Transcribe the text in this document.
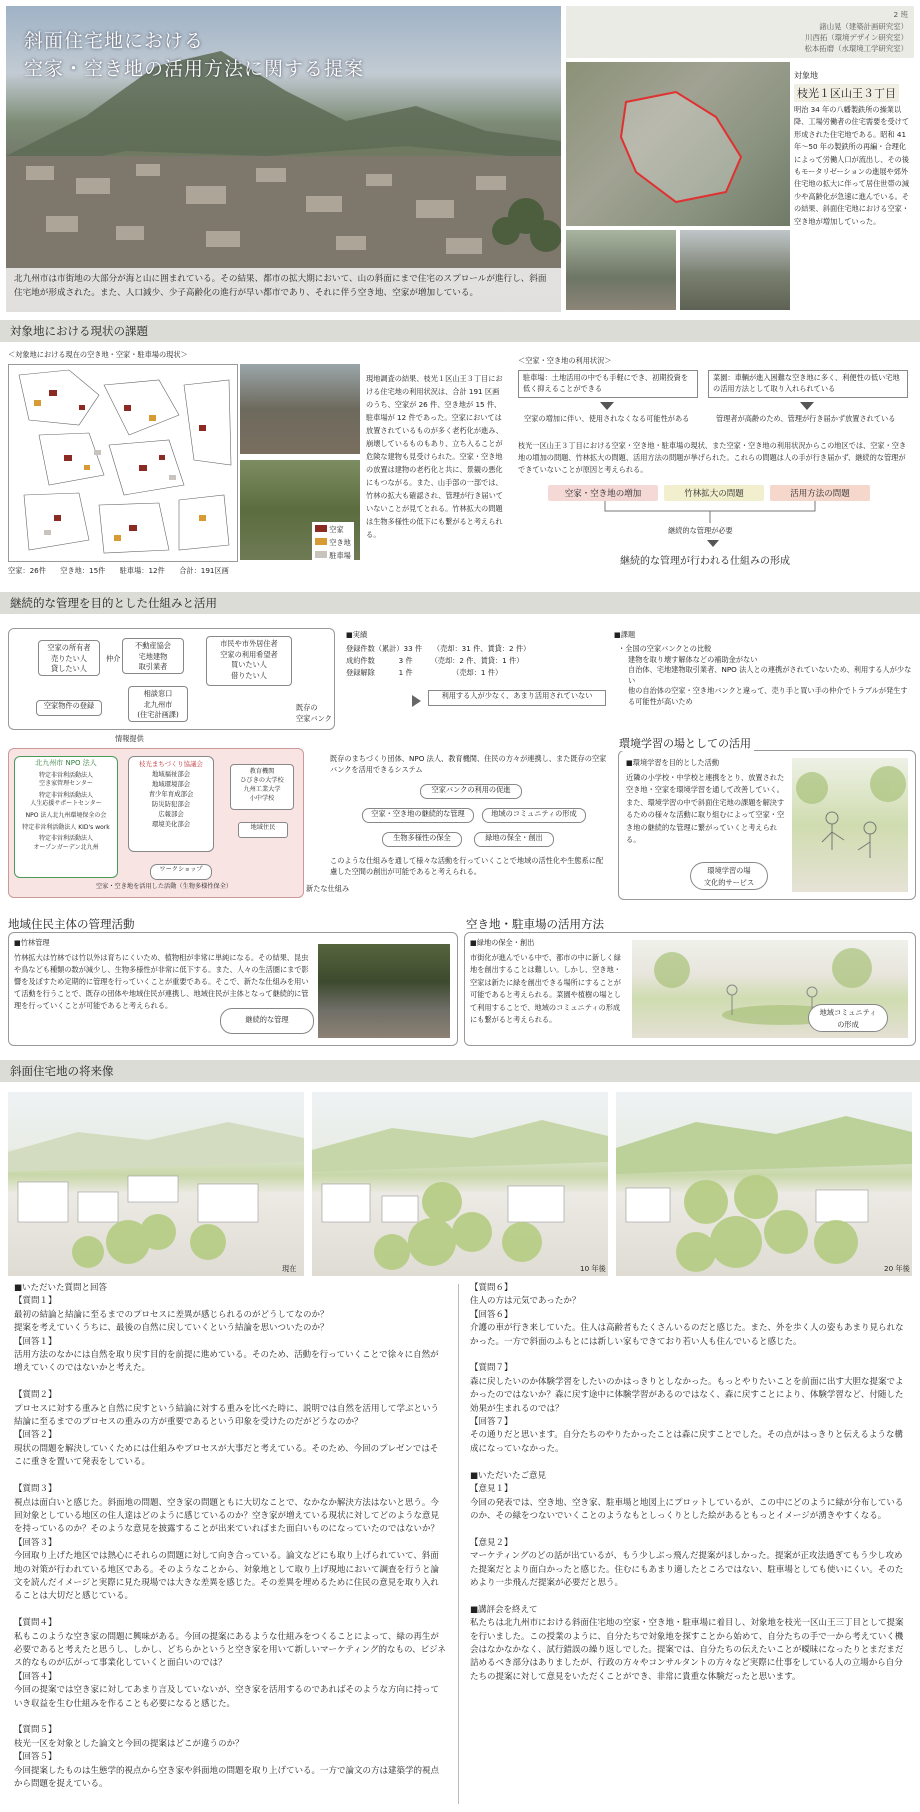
斜面住宅地における
空家・空き地の活用方法に関する提案
北九州市は市街地の大部分が海と山に囲まれている。その結果、都市の拡大期において、山の斜面にまで住宅のスプロールが進行し、斜面住宅地が形成された。また、人口減少、少子高齢化の進行が早い都市であり、それに伴う空き地、空家が増加している。
2 班
諸山晃（建築計画研究室）
川西拓（環境デザイン研究室）
松本拓磨（水環境工学研究室）
対象地
枝光１区山王３丁目
明治 34 年の八幡製鉄所の操業以降、工場労働者の住宅需要を受けて形成された住宅地である。昭和 41 年〜50 年の製鉄所の再編・合理化によって労働人口が流出し、その後もモータリゼーションの進展や郊外住宅地の拡大に伴って居住世帯の減少や高齢化が急速に進んでいる。その結果、斜面住宅地における空家・空き地が増加していった。
対象地における現状の課題
＜対象地における現在の空き地・空家・駐車場の現状＞
空家
空き地
駐車場
空家：26件　　空き地：15件　　駐車場：12件　　合計：191区画
現地調査の結果、枝光１区山王３丁目における住宅地の利用状況は、合計 191 区画のうち、空家が 26 件、空き地が 15 件、駐車場が 12 件であった。空家においては放置されているものが多く老朽化が進み、崩壊しているものもあり、立ち入ることが危険な建物も見受けられた。空家・空き地の放置は建物の老朽化と共に、景観の悪化にもつながる。また、山手部の一部では、竹林の拡大も確認され、管理が行き届いていないことが見てとれる。竹林拡大の問題は生物多様性の低下にも繋がると考えられる。
＜空家・空き地の利用状況＞
駐車場：土地活用の中でも手軽にでき、初期投資を低く抑えることができる
菜園：車輌が進入困難な空き地に多く、利便性の低い宅地の活用方法として取り入れられている
空家の増加に伴い、使用されなくなる可能性がある	管理者が高齢のため、管理が行き届かず放置されている
枝光一区山王３丁目における空家・空き地・駐車場の現状、また空家・空き地の利用状況からこの地区では、空家・空き地の増加の問題、竹林拡大の問題、活用方法の問題が挙げられた。これらの問題は人の手が行き届かず、継続的な管理ができていないことが原因と考えられる。
空家・空き地の増加	竹林拡大の問題	活用方法の問題
継続的な管理が必要
継続的な管理が行われる仕組みの形成
継続的な管理を目的とした仕組みと活用
空家の所有者
売りたい人
貸したい人
不動産協会
宅地建物
取引業者
仲介
市民や市外居住者
空家の利用希望者
買いたい人
借りたい人
相談窓口
北九州市
(住宅計画課)
空家物件の登録	既存の
空家バンク
情報提供
北九州市 NPO 法人
特定非営利活動法人
空き家管理センター
特定非営利活動法人
人生応援サポートセンター
NPO 法人北九州環境保全の会
特定非営利活動法人 KID's work
特定非営利活動法人
オープンガーデン北九州
枝光まちづくり協議会
地域福祉部会
地域環境部会
青少年育成部会
防災防犯部会
広報部会
環境美化部会
教育機関
ひびきの大学校
九州工業大学
小中学校
地域住民
ワークショップ
空家・空き地を活用した活動（生物多様性保全）	新たな仕組み
■実績
登録件数（累計）33 件　　（売却：31 件、賃貸：2 件）
成約件数　　　 3 件　　　（売却：2 件、賃貸：1 件）
登録解除　　　 1 件　　　　　　（売却：1 件）
利用する人が少なく、あまり活用されていない
■課題
・全国の空家バンクとの比較
建物を取り壊す解体などの補助金がない
自治体、宅地建物取引業者、NPO 法人との連携がされていないため、利用する人が少ない
他の自治体の空家・空き地バンクと違って、売り手と買い手の仲介でトラブルが発生する可能性が高いため
既存のまちづくり団体、NPO 法人、教育機関、住民の方々が連携し、また既存の空家バンクを活用できるシステム
空家バンクの利用の促進
空家・空き地の継続的な管理	地域のコミュニティの形成
生物多様性の保全	緑地の保全・創出
このような仕組みを通して様々な活動を行っていくことで地域の活性化や生態系に配慮した空間の創出が可能であると考えられる。
環境学習の場としての活用
■環境学習を目的とした活動
近隣の小学校・中学校と連携をとり、放置された空き地・空家を環境学習を通して改善していく。また、環境学習の中で斜面住宅地の課題を解決するための様々な活動に取り組むによって空家・空き地の継続的な管理に繋がっていくと考えられる。
環境学習の場
文化的サービス
地域住民主体の管理活動
■竹林管理
竹林拡大は竹林では竹以外は育ちにくいため、植物相が非常に単純になる。その結果、昆虫や鳥なども種類の数が減少し、生物多様性が非常に低下する。また、人々の生活圏にまで影響を及ぼすため定期的に管理を行っていくことが重要である。そこで、新たな仕組みを用いて活動を行うことで、既存の団体や地域住民が連携し、地域住民が主体となって継続的に管理を行っていくことが可能であると考えられる。
継続的な管理
空き地・駐車場の活用方法
■緑地の保全・創出
市街化が進んでいる中で、都市の中に新しく緑地を創出することは難しい。しかし、空き地・空家は新たに緑を創出できる場所にすることが可能であると考えられる。菜園や植樹の場として利用することで、地域のコミュニティの形成にも繋がると考えられる。
地域コミュニティ
の形成
斜面住宅地の将来像
現在	10 年後	20 年後
■いただいた質問と回答
【質問１】
最初の結論と結論に至るまでのプロセスに差異が感じられるのがどうしてなのか？
提案を考えていくうちに、最後の自然に戻していくという結論を思いついたのか？
【回答１】
活用方法のなかには自然を取り戻す目的を前提に進めている。そのため、活動を行っていくことで徐々に自然が増えていくのではないかと考えた。

【質問２】
プロセスに対する重みと自然に戻すという結論に対する重みを比べた時に、説明では自然を活用して学ぶという結論に至るまでのプロセスの重みの方が重要であるという印象を受けたのだがどうなのか？
【回答２】
現状の問題を解決していくためには仕組みやプロセスが大事だと考えている。そのため、今回のプレゼンではそこに重きを置いて発表をしている。

【質問３】
視点は面白いと感じた。斜面地の問題、空き家の問題ともに大切なことで、なかなか解決方法はないと思う。今回対象としている地区の住人達はどのように感じているのか？空き家が増えている現状に対してどのような意見を持っているのか？そのような意見を披露することが出来ていればまた面白いものになっていたのではないか？
【回答３】
今回取り上げた地区では熱心にそれらの問題に対して向き合っている。論文などにも取り上げられていて、斜面地の対策が行われている地区である。そのようなことから、対象地として取り上げ現地において調査を行うと論文を読んだイメージと実際に見た現場では大きな差異を感じた。その差異を埋めるために住民の意見を取り入れることは大切だと感じている。

【質問４】
私もこのような空き家の問題に興味がある。今回の提案にあるような仕組みをつくることによって、緑の再生が必要であると考えたと思うし、しかし、どちらかというと空き家を用いて新しいマーケティング的なもの、ビジネス的なものが広がって事業化していくと面白いのでは？
【回答４】
今回の提案では空き家に対してあまり言及していないが、空き家を活用するのであればそのような方向に持っていき収益を生む仕組みを作ることも必要になると感じた。

【質問５】
枝光一区を対象とした論文と今回の提案はどこが違うのか？
【回答５】
今回提案したものは生態学的視点から空き家や斜面地の問題を取り上げている。一方で論文の方は建築学的視点から問題を捉えている。
【質問６】
住人の方は元気であったか？
【回答６】
介護の車が行き来していた。住人は高齢者もたくさんいるのだと感じた。また、外を歩く人の姿もあまり見られなかった。一方で斜面のふもとには新しい家もできており若い人も住んでいると感じた。

【質問７】
森に戻したいのか体験学習をしたいのかはっきりとしなかった。もっとやりたいことを前面に出す大胆な提案でよかったのではないか？森に戻す途中に体験学習があるのではなく、森に戻すことにより、体験学習など、付随した効果が生まれるのでは？
【回答７】
その通りだと思います。自分たちのやりたかったことは森に戻すことでした。その点がはっきりと伝えるような構成になっていなかった。

■いただいたご意見
【意見１】
今回の発表では、空き地、空き家、駐車場と地図上にプロットしているが、この中にどのように緑が分布しているのか、その緑をつないでいくことのようなもとしっくりとした絵があるともっとイメージが湧きやすくなる。

【意見２】
マーケティングのどの話が出ているが、もう少しぶっ飛んだ提案がほしかった。提案が正攻法過ぎてもう少し攻めた提案だとより面白かったと感じた。住むにもあまり適したところではない、駐車場としても使いにくい。そのためより一歩飛んだ提案が必要だと思う。

■講評会を終えて
私たちは北九州市における斜面住宅地の空家・空き地・駐車場に着目し、対象地を枝光一区山王三丁目として提案を行いました。この授業のように、自分たちで対象地を探すことから始めて、自分たちの手で一から考えていく機会はなかなかなく、試行錯誤の繰り返しでした。提案では、自分たちの伝えたいことが曖昧になったりとまだまだ詰めるべき部分はありましたが、行政の方々やコンサルタントの方々など実際に仕事をしている人の立場から自分たちの提案に対して意見をいただくことができ、非常に貴重な体験だったと思います。
